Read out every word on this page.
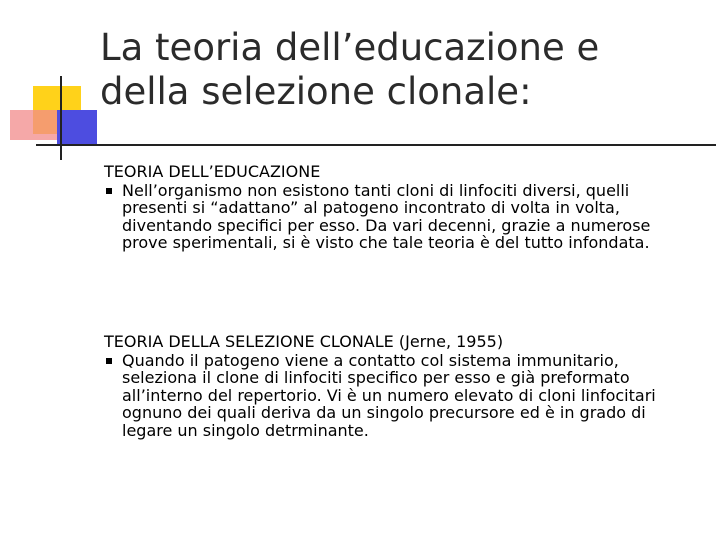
La teoria dell’educazione e
della selezione clonale:

TEORIA DELL’EDUCAZIONE

Nell’organismo non esistono tanti cloni di linfociti diversi, quelli presenti si “adattano” al patogeno incontrato di volta in volta, diventando specifici per esso. Da vari decenni, grazie a numerose prove sperimentali, si è visto che tale teoria è del tutto infondata.

TEORIA DELLA SELEZIONE CLONALE (Jerne, 1955)

Quando il patogeno viene a contatto col sistema immunitario, seleziona il clone di linfociti specifico per esso e già preformato all’interno del repertorio. Vi è un numero elevato di cloni linfocitari ognuno dei quali deriva da un singolo precursore ed è in grado di legare un singolo detrminante.
